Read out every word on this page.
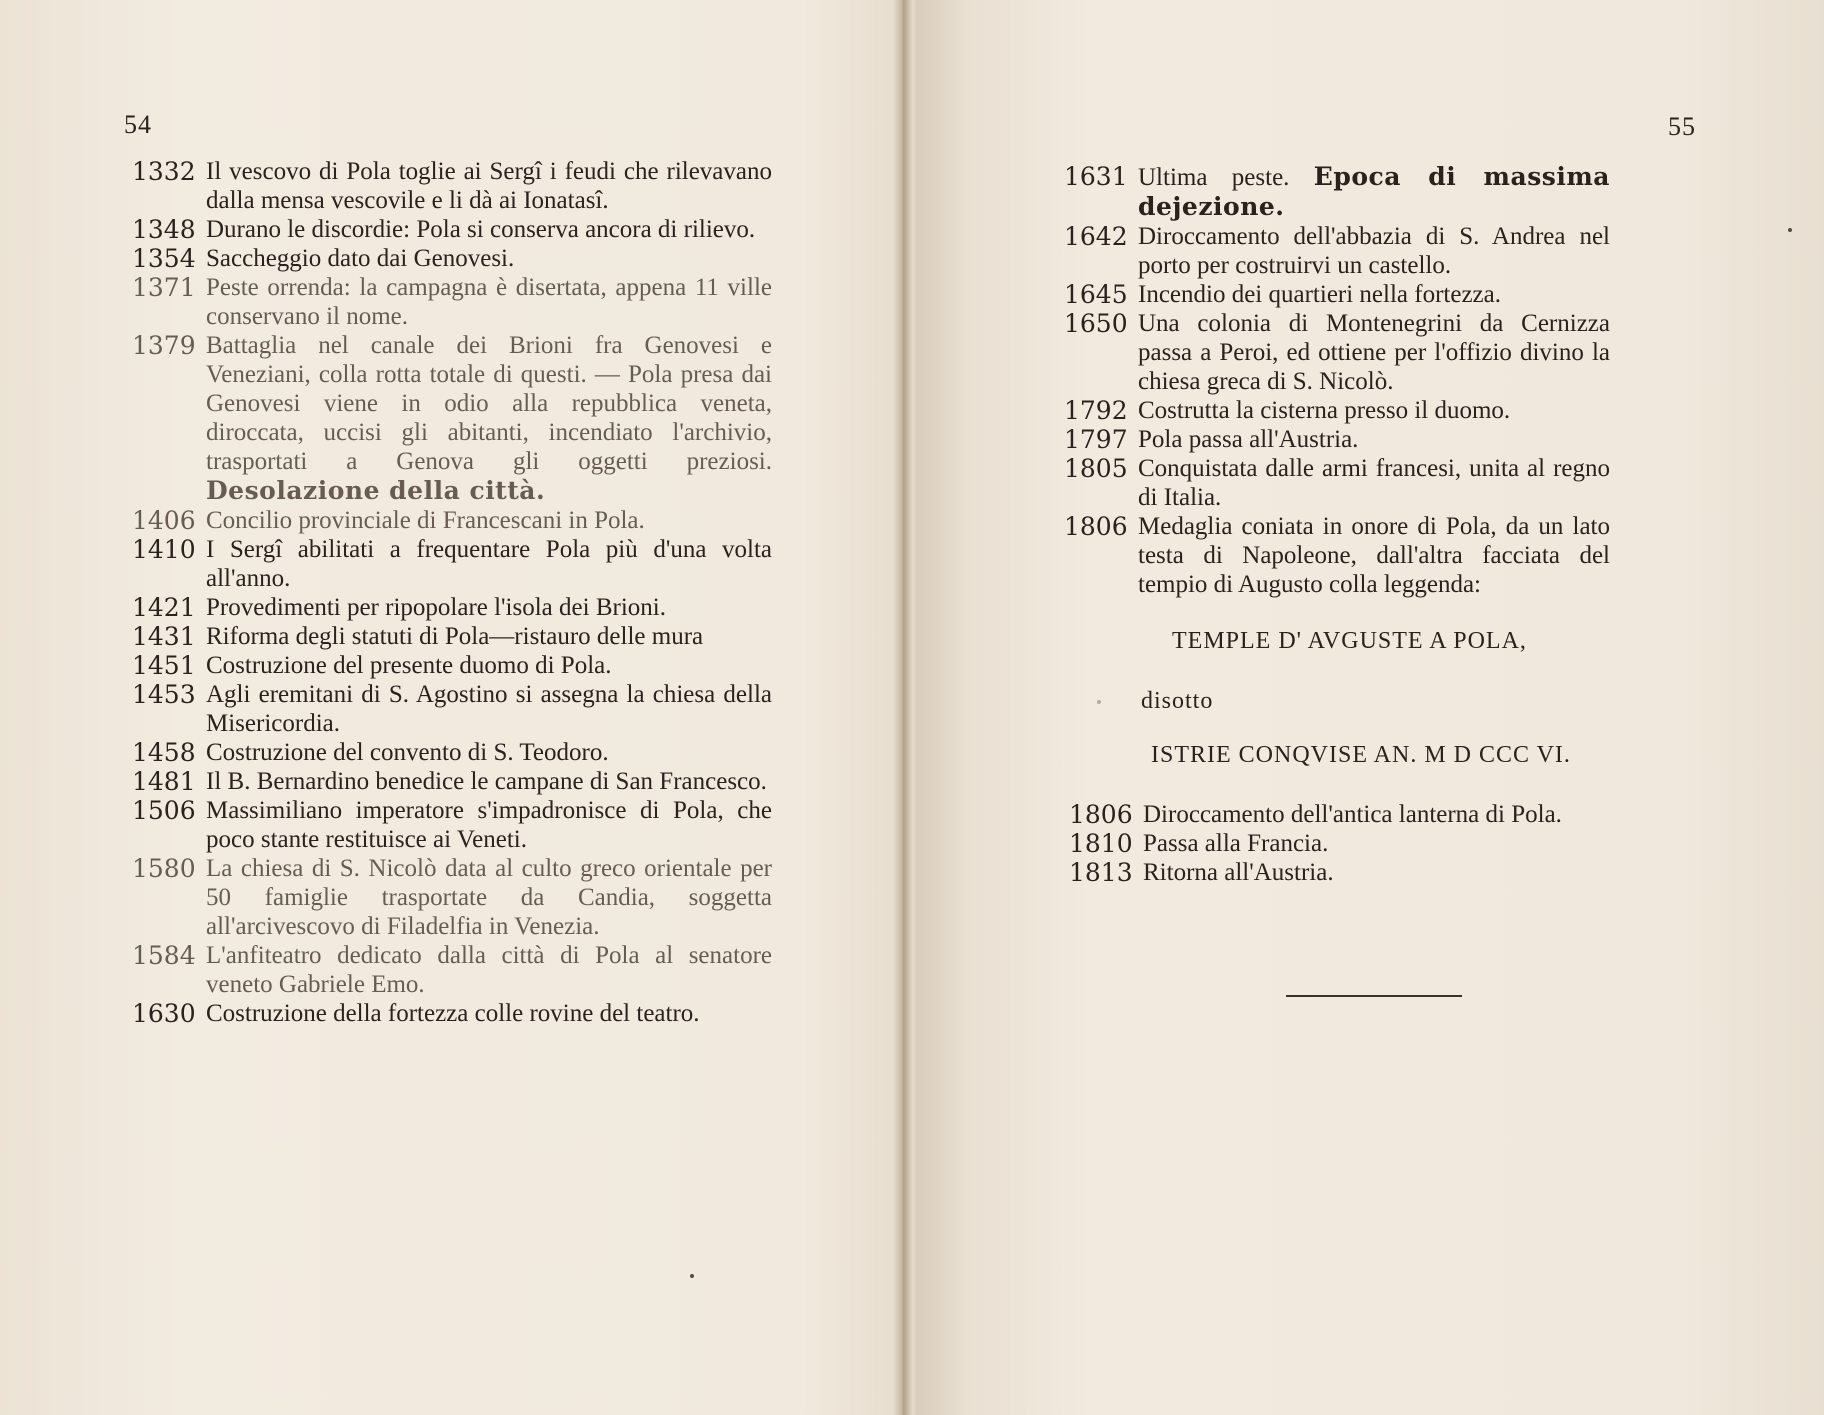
54
1332 Il vescovo di Pola toglie ai Sergî i feudi che rilevavano dalla mensa vescovile e li dà ai Ionatasî.
1348 Durano le discordie: Pola si conserva ancora di rilievo.
1354 Saccheggio dato dai Genovesi.
1371 Peste orrenda: la campagna è disertata, appena 11 ville conservano il nome.
1379 Battaglia nel canale dei Brioni fra Genovesi e Veneziani, colla rotta totale di questi. — Pola presa dai Genovesi viene in odio alla repubblica veneta, diroccata, uccisi gli abitanti, incendiato l'archivio, trasportati a Genova gli oggetti preziosi. Desolazione della città.
1406 Concilio provinciale di Francescani in Pola.
1410 I Sergî abilitati a frequentare Pola più d'una volta all'anno.
1421 Provedimenti per ripopolare l'isola dei Brioni.
1431 Riforma degli statuti di Pola—ristauro delle mura
1451 Costruzione del presente duomo di Pola.
1453 Agli eremitani di S. Agostino si assegna la chiesa della Misericordia.
1458 Costruzione del convento di S. Teodoro.
1481 Il B. Bernardino benedice le campane di San Francesco.
1506 Massimiliano imperatore s'impadronisce di Pola, che poco stante restituisce ai Veneti.
1580 La chiesa di S. Nicolò data al culto greco orientale per 50 famiglie trasportate da Candia, soggetta all'arcivescovo di Filadelfia in Venezia.
1584 L'anfiteatro dedicato dalla città di Pola al senatore veneto Gabriele Emo.
1630 Costruzione della fortezza colle rovine del teatro.
55
1631 Ultima peste. Epoca di massima dejezione.
1642 Diroccamento dell'abbazia di S. Andrea nel porto per costruirvi un castello.
1645 Incendio dei quartieri nella fortezza.
1650 Una colonia di Montenegrini da Cernizza passa a Peroi, ed ottiene per l'offizio divino la chiesa greca di S. Nicolò.
1792 Costrutta la cisterna presso il duomo.
1797 Pola passa all'Austria.
1805 Conquistata dalle armi francesi, unita al regno di Italia.
1806 Medaglia coniata in onore di Pola, da un lato testa di Napoleone, dall'altra facciata del tempio di Augusto colla leggenda:
TEMPLE D' AVGUSTE A POLA,
disotto
ISTRIE CONQVISE AN. M D CCC VI.
1806 Diroccamento dell'antica lanterna di Pola.
1810 Passa alla Francia.
1813 Ritorna all'Austria.
